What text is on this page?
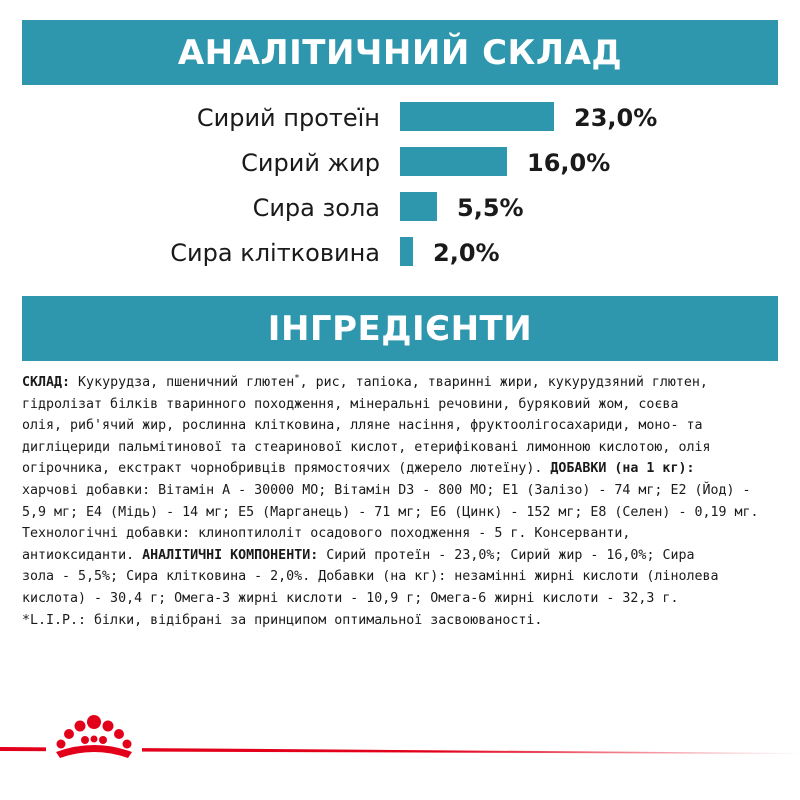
АНАЛІТИЧНИЙ СКЛАД
Сирий протеїн	23,0%
Сирий жир	16,0%
Сира зола	5,5%
Сира клітковина 2,0%
ІНГРЕДІЄНТИ
СКЛАД: Кукурудза, пшеничний глютен*, рис, тапіока, тваринні жири, кукурудзяний глютен,
гідролізат білків тваринного походження, мінеральні речовини, буряковий жом, соєва
олія, риб'ячий жир, рослинна клітковина, лляне насіння, фруктоолігосахариди, моно- та
дигліцериди пальмітинової та стеаринової кислот, етерифіковані лимонною кислотою, олія
огірочника, екстракт чорнобривців прямостоячих (джерело лютеїну). ДОБАВКИ (на 1 кг):
харчові добавки: Вітамін А - 30000 МО; Вітамін D3 - 800 МО; Е1 (Залізо) - 74 мг; Е2 (Йод) -
5,9 мг; Е4 (Мідь) - 14 мг; Е5 (Марганець) - 71 мг; Е6 (Цинк) - 152 мг; Е8 (Селен) - 0,19 мг.
Технологічні добавки: клиноптилоліт осадового походження - 5 г. Консерванти,
антиоксиданти. АНАЛІТИЧНІ КОМПОНЕНТИ: Сирий протеїн - 23,0%; Сирий жир - 16,0%; Сира
зола - 5,5%; Сира клітковина - 2,0%. Добавки (на кг): незамінні жирні кислоти (лінолева
кислота) - 30,4 г; Омега-3 жирні кислоти - 10,9 г; Омега-6 жирні кислоти - 32,3 г.
*L.I.P.: білки, відібрані за принципом оптимальної засвоюваності.
